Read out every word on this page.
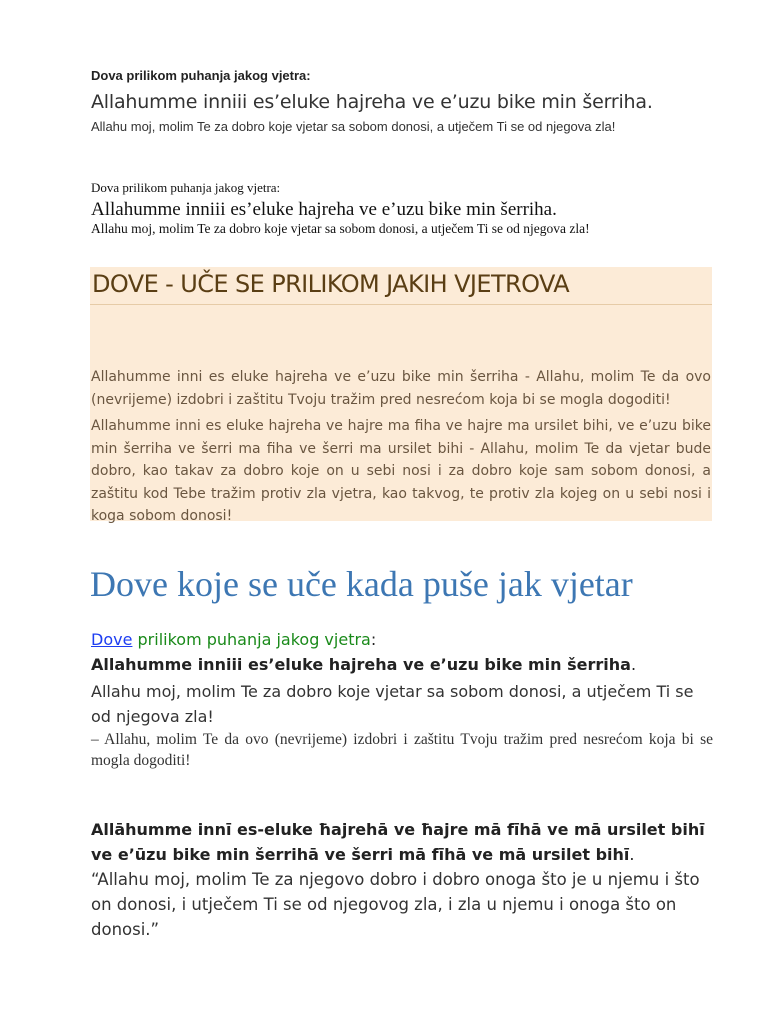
Dova prilikom puhanja jakog vjetra:
Allahumme inniii es’eluke hajreha ve e’uzu bike min šerriha.
Allahu moj, molim Te za dobro koje vjetar sa sobom donosi, a utječem Ti se od njegova zla!
Dova prilikom puhanja jakog vjetra:
Allahumme inniii es’eluke hajreha ve e’uzu bike min šerriha.
Allahu moj, molim Te za dobro koje vjetar sa sobom donosi, a utječem Ti se od njegova zla!
DOVE - UČE SE PRILIKOM JAKIH VJETROVA
Allahumme inni es eluke hajreha ve e’uzu bike min šerriha - Allahu, molim Te da ovo (nevrijeme) izdobri i zaštitu Tvoju tražim pred nesrećom koja bi se mogla dogoditi!
Allahumme inni es eluke hajreha ve hajre ma fiha ve hajre ma ursilet bihi, ve e’uzu bike min šerriha ve šerri ma fiha ve šerri ma ursilet bihi - Allahu, molim Te da vjetar bude dobro, kao takav za dobro koje on u sebi nosi i za dobro koje sam sobom donosi, a zaštitu kod Tebe tražim protiv zla vjetra, kao takvog, te protiv zla kojeg on u sebi nosi i koga sobom donosi!
Dove koje se uče kada puše jak vjetar
Dove prilikom puhanja jakog vjetra:
Allahumme inniii es’eluke hajreha ve e’uzu bike min šerriha.
Allahu moj, molim Te za dobro koje vjetar sa sobom donosi, a utječem Ti se od njegova zla!
– Allahu, molim Te da ovo (nevrijeme) izdobri i zaštitu Tvoju tražim pred nesrećom koja bi se mogla dogoditi!
Allāhumme innī es-eluke ħajrehā ve ħajre mā fīhā ve mā ursilet bihī ve e’ūzu bike min šerrihā ve šerri mā fīhā ve mā ursilet bihī.
“Allahu moj, molim Te za njegovo dobro i dobro onoga što je u njemu i što on donosi, i utječem Ti se od njegovog zla, i zla u njemu i onoga što on donosi.”
